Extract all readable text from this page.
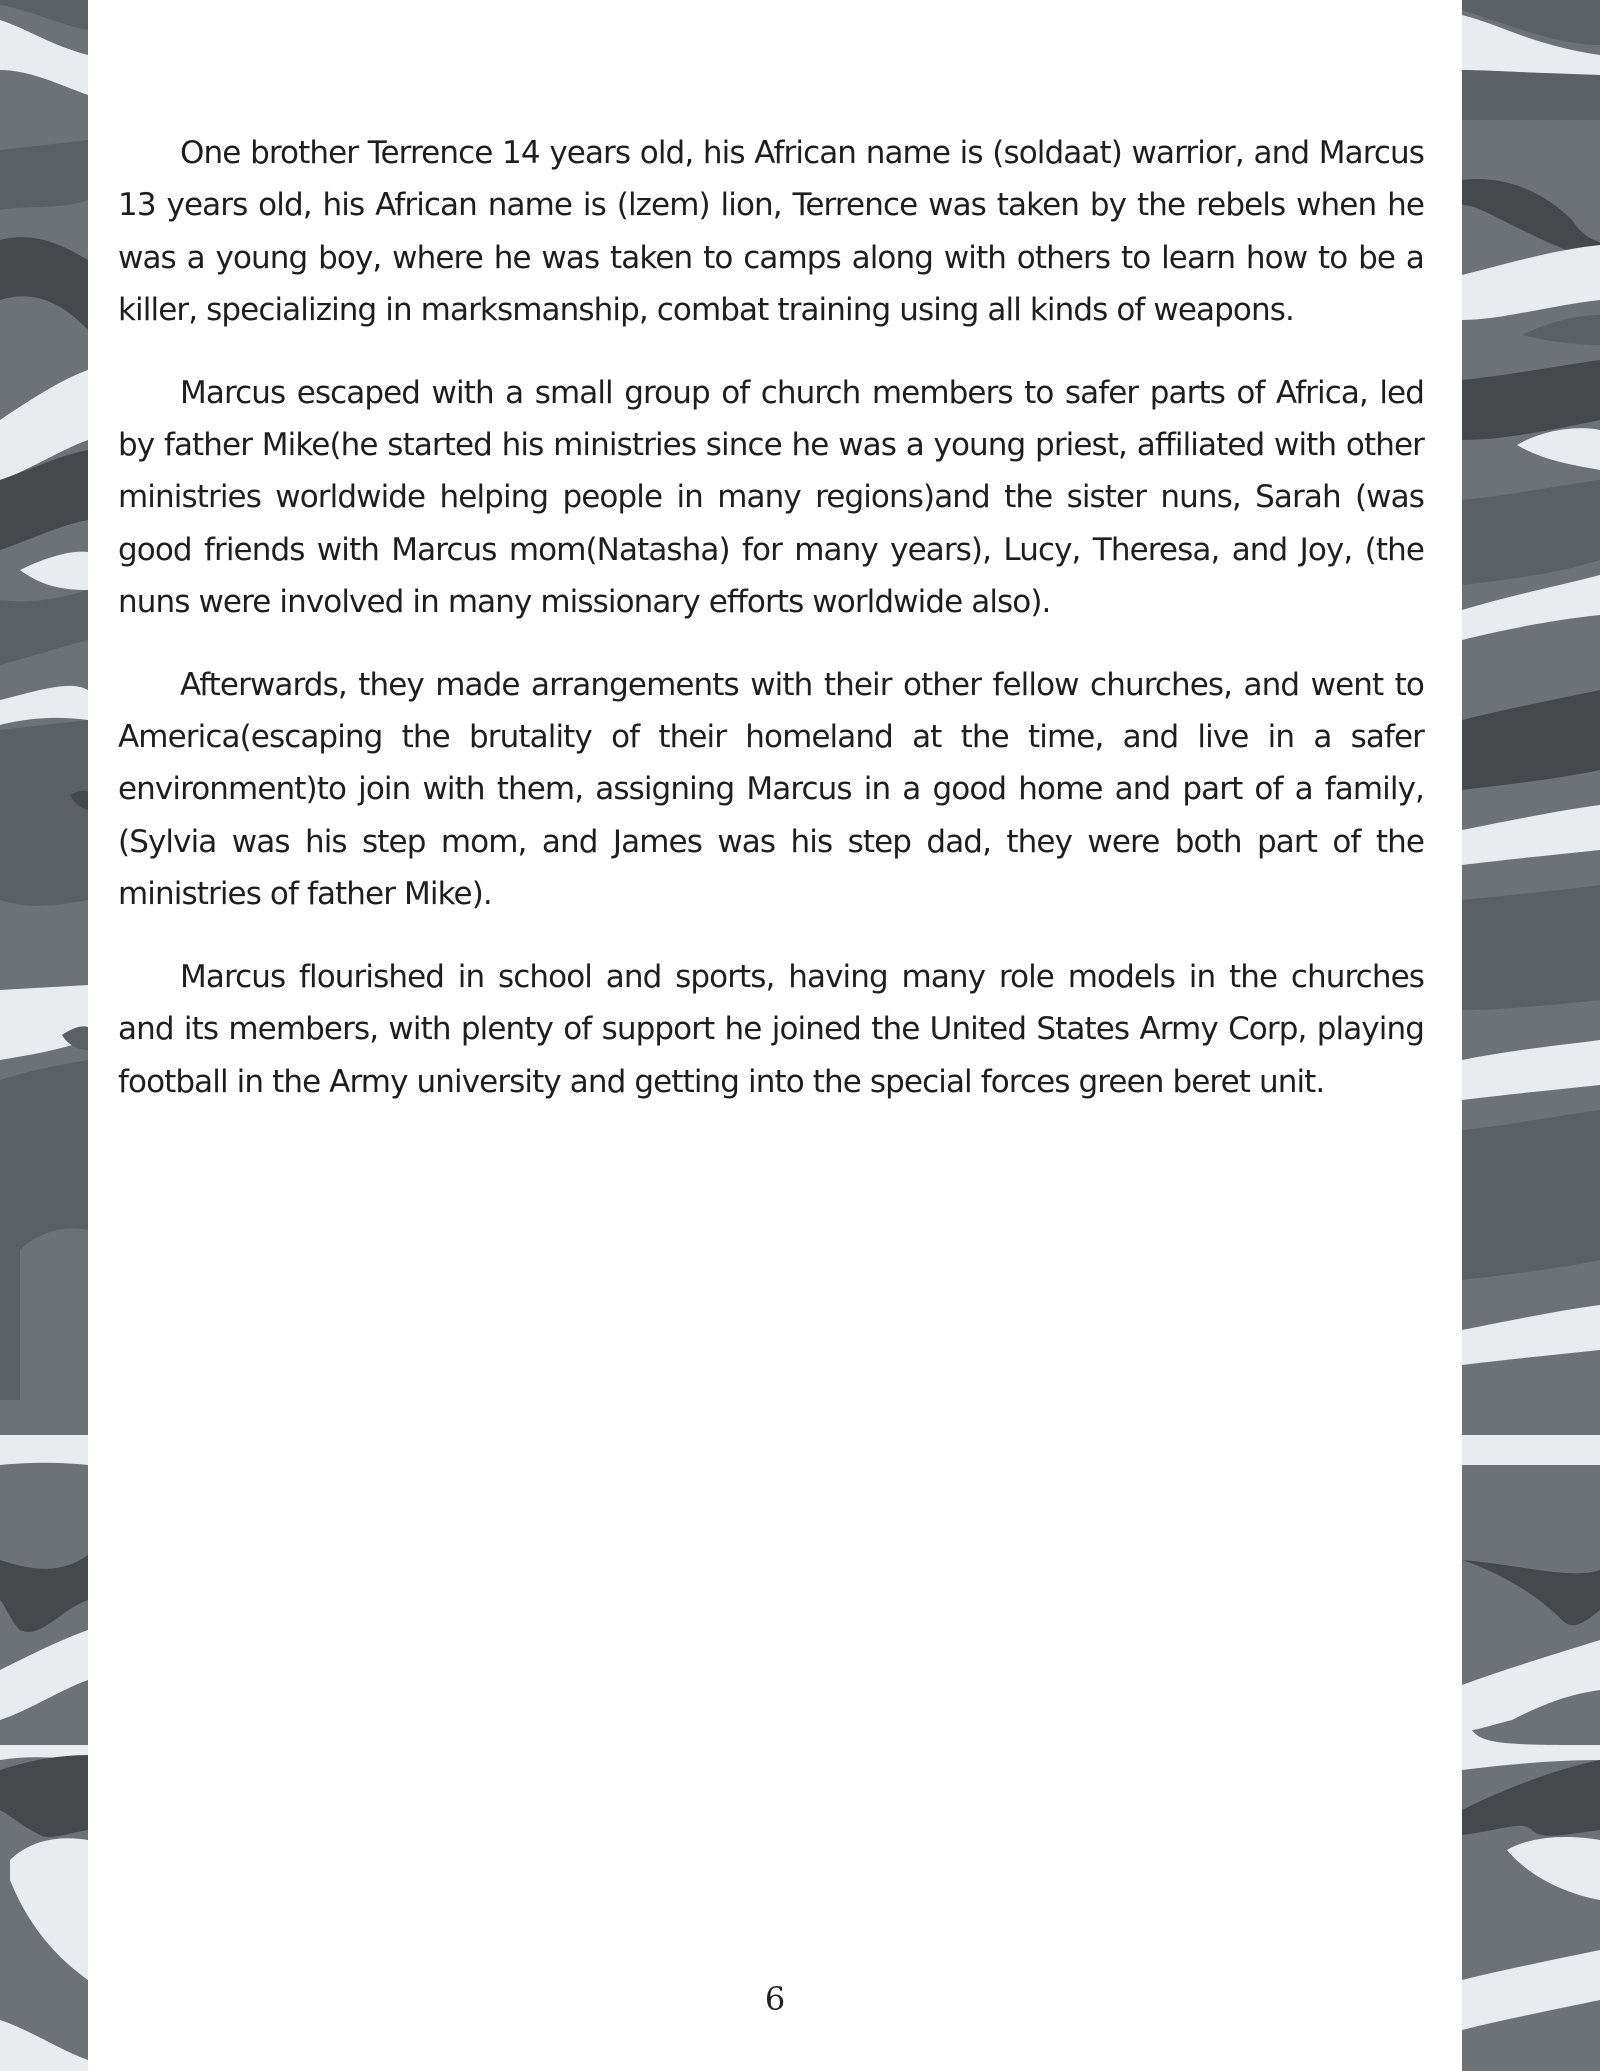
One brother Terrence 14 years old, his African name is (soldaat) warrior, and Marcus 13 years old, his African name is (lzem) lion, Terrence was taken by the rebels when he was a young boy, where he was taken to camps along with others to learn how to be a killer, specializing in marksmanship, combat training using all kinds of weapons.

Marcus escaped with a small group of church members to safer parts of Africa, led by father Mike(he started his ministries since he was a young priest, affiliated with other ministries worldwide helping people in many regions)and the sister nuns, Sarah (was good friends with Marcus mom(Natasha) for many years), Lucy, Theresa, and Joy, (the nuns were involved in many missionary efforts worldwide also).

Afterwards, they made arrangements with their other fellow churches, and went to America(escaping the brutality of their homeland at the time, and live in a safer environment)to join with them, assigning Marcus in a good home and part of a family, (Sylvia was his step mom, and James was his step dad, they were both part of the ministries of father Mike).

Marcus flourished in school and sports, having many role models in the churches and its members, with plenty of support he joined the United States Army Corp, playing football in the Army university and getting into the special forces green beret unit.

6
